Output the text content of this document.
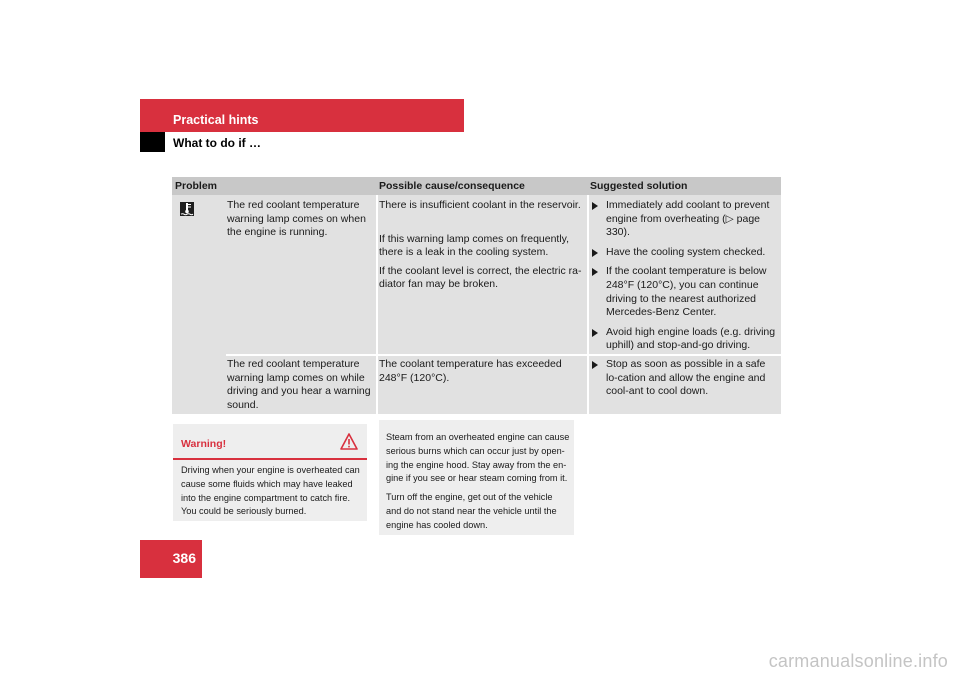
Practical hints
What to do if …
Problem	Possible cause/consequence	Suggested solution
The red coolant temperature warning lamp comes on when the engine is running.

There is insufficient coolant in the reservoir.

If this warning lamp comes on frequently, there is a leak in the cooling system.

If the coolant level is correct, the electric ra-diator fan may be broken.

Immediately add coolant to prevent engine from overheating (▷ page 330).
Have the cooling system checked.
If the coolant temperature is below 248°F (120°C), you can continue driving to the nearest authorized Mercedes-Benz Center.
Avoid high engine loads (e.g. driving uphill) and stop-and-go driving.
The red coolant temperature warning lamp comes on while driving and you hear a warning sound.

The coolant temperature has exceeded 248°F (120°C).

Stop as soon as possible in a safe lo-cation and allow the engine and cool-ant to cool down.
Warning!
Driving when your engine is overheated can cause some fluids which may have leaked into the engine compartment to catch fire. You could be seriously burned.

Steam from an overheated engine can cause serious burns which can occur just by open-ing the engine hood. Stay away from the en-gine if you see or hear steam coming from it.

Turn off the engine, get out of the vehicle and do not stand near the vehicle until the engine has cooled down.

386
carmanualsonline.info
